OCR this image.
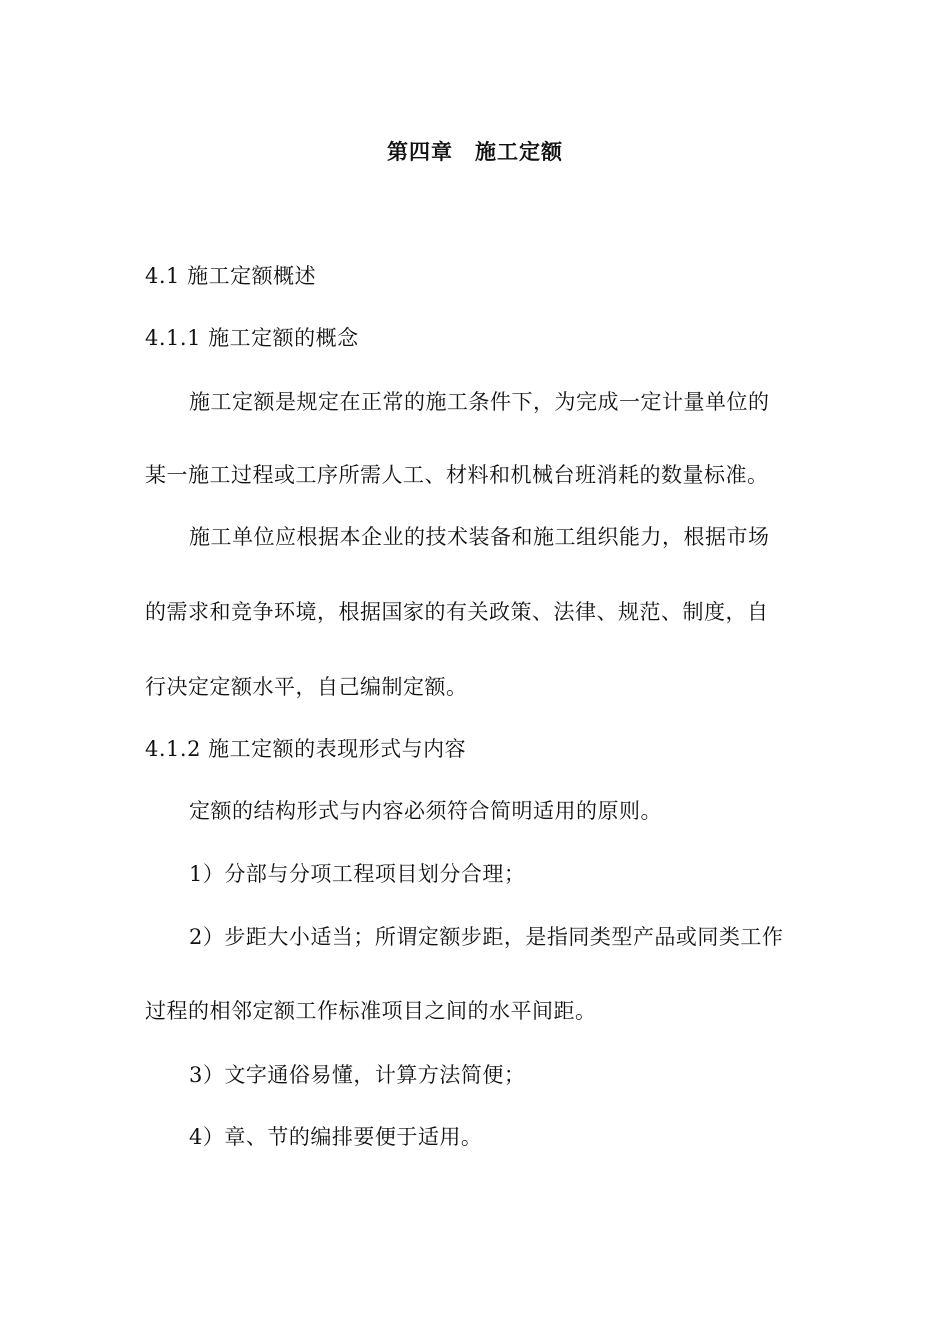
第四章　施工定额
4.1 施工定额概述
4.1.1 施工定额的概念
施工定额是规定在正常的施工条件下，为完成一定计量单位的
某一施工过程或工序所需人工、材料和机械台班消耗的数量标准。
施工单位应根据本企业的技术装备和施工组织能力，根据市场
的需求和竞争环境，根据国家的有关政策、法律、规范、制度，自
行决定定额水平，自己编制定额。
4.1.2 施工定额的表现形式与内容
定额的结构形式与内容必须符合简明适用的原则。
1）分部与分项工程项目划分合理；
2）步距大小适当；所谓定额步距，是指同类型产品或同类工作
过程的相邻定额工作标准项目之间的水平间距。
3）文字通俗易懂，计算方法简便；
4）章、节的编排要便于适用。
